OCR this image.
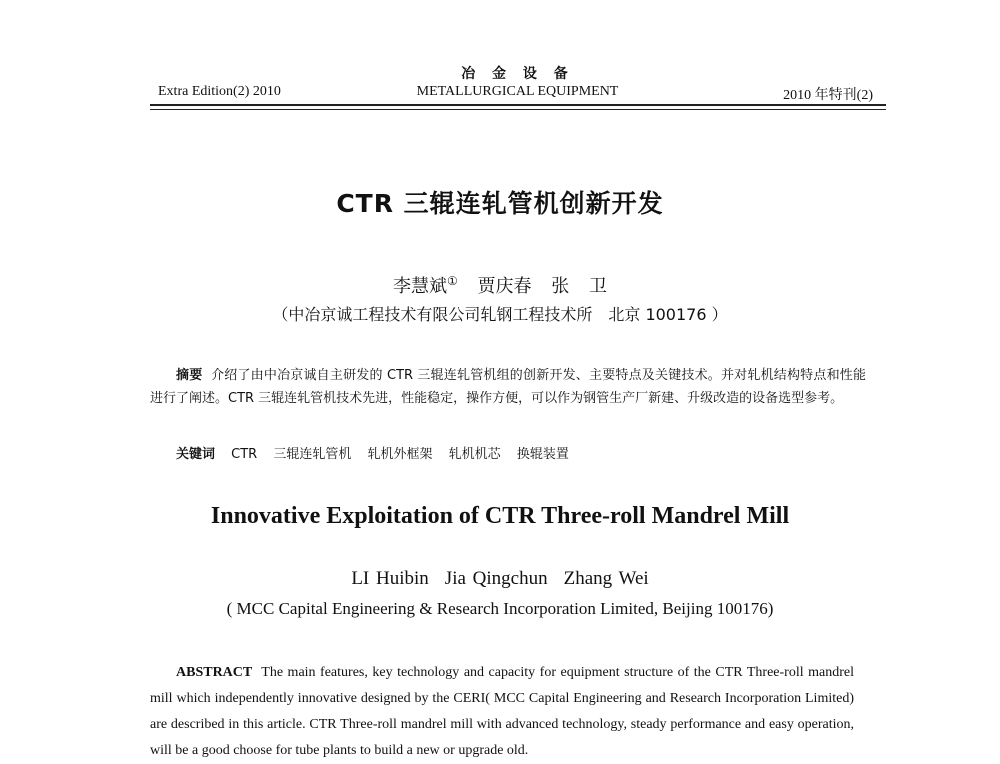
Extra Edition(2) 2010
冶 金 设 备
METALLURGICAL EQUIPMENT	2010 年特刊(2)
CTR 三辊连轧管机创新开发
李慧斌① 贾庆春 张 卫
（中冶京诚工程技术有限公司轧钢工程技术所　北京 100176 ）
摘要 介绍了由中冶京诚自主研发的 CTR 三辊连轧管机组的创新开发、主要特点及关键技术。并对轧机结构特点和性能进行了阐述。CTR 三辊连轧管机技术先进，性能稳定，操作方便，可以作为钢管生产厂新建、升级改造的设备选型参考。
关键词 CTR 三辊连轧管机 轧机外框架 轧机机芯 换辊装置
Innovative Exploitation of CTR Three-roll Mandrel Mill
LI Huibin Jia Qingchun Zhang Wei
( MCC Capital Engineering & Research Incorporation Limited, Beijing 100176)
ABSTRACT The main features, key technology and capacity for equipment structure of the CTR Three-roll mandrel mill which independently innovative designed by the CERI( MCC Capital Engineering and Research Incorporation Limited) are described in this article. CTR Three-roll mandrel mill with advanced technology, steady performance and easy operation, will be a good choose for tube plants to build a new or upgrade old.
